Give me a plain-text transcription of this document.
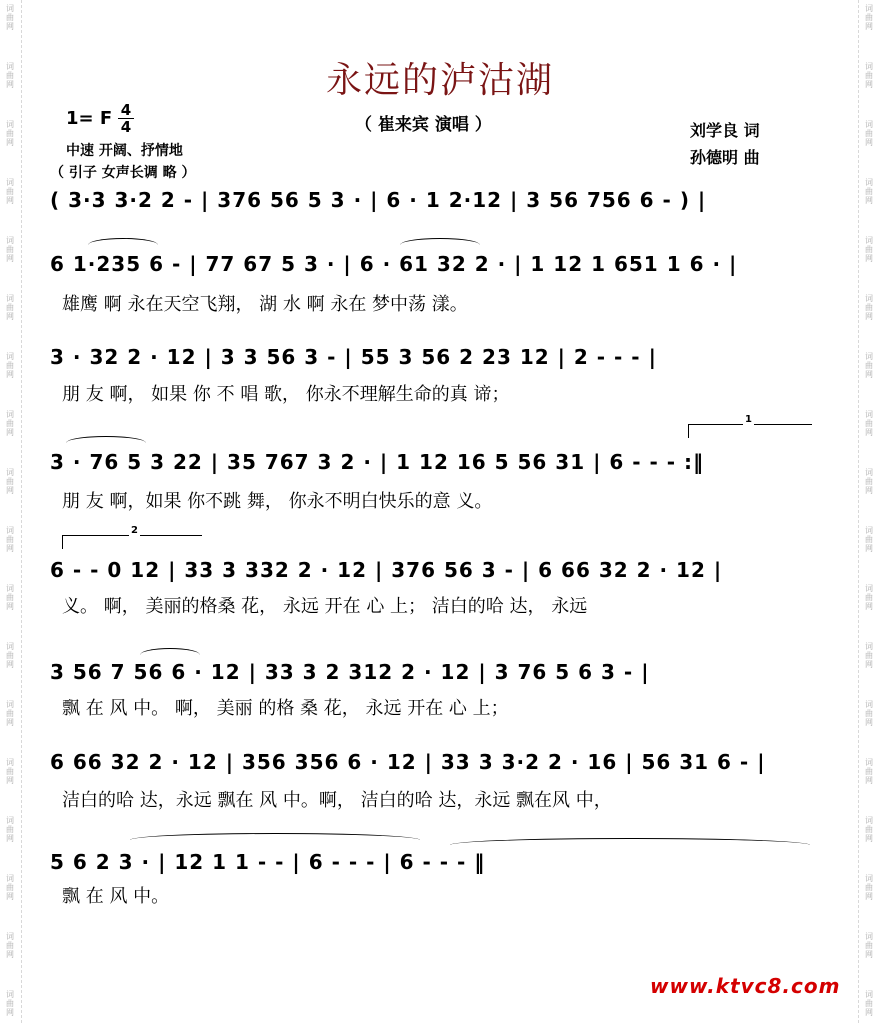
词
曲
网
词
曲
网
词
曲
网
词
曲
网
词
曲
网
词
曲
网
词
曲
网
词
曲
网
词
曲
网
词
曲
网
词
曲
网
词
曲
网
词
曲
网
词
曲
网
词
曲
网
词
曲
网
词
曲
网
词
曲
网
词
曲
网
词
曲
网
词
曲
网
词
曲
网
词
曲
网
词
曲
网
词
曲
网
词
曲
网
词
曲
网
词
曲
网
词
曲
网
词
曲
网
词
曲
网
词
曲
网
词
曲
网
词
曲
网
词
曲
网
词
曲
网
永远的泸沽湖
1= F 4
4
中速 开阔、抒情地
（ 引子 女声长调 略 ）
（ 崔来宾 演唱 ）	刘学良 词
孙德明 曲
( 3·3 3·2 2 - | 376 56 5 3 · | 6 · 1 2·12 | 3 56 756 6 - ) |
6 1·235 6 - | 77 67 5 3 · | 6 · 61 32 2 · | 1 12 1 651 1 6 · |
雄鹰 啊 永在天空飞翔， 湖 水 啊 永在 梦中荡 漾。
3 · 32 2 · 12 | 3 3 56 3 - | 55 3 56 2 23 12 | 2 - - - |
朋 友 啊， 如果 你 不 唱 歌， 你永不理解生命的真 谛；
1
3 · 76 5 3 22 | 35 767 3 2 · | 1 12 16 5 56 31 | 6 - - - :‖
朋 友 啊，如果 你不跳 舞， 你永不明白快乐的意 义。
2
6 - - 0 12 | 33 3 332 2 · 12 | 376 56 3 - | 6 66 32 2 · 12 |
义。 啊， 美丽的格桑 花， 永远 开在 心 上； 洁白的哈 达， 永远
3 56 7 56 6 · 12 | 33 3 2 312 2 · 12 | 3 76 5 6 3 - |
飘 在 风 中。 啊， 美丽 的格 桑 花， 永远 开在 心 上；
6 66 32 2 · 12 | 356 356 6 · 12 | 33 3 3·2 2 · 16 | 56 31 6 - |
洁白的哈 达，永远 飘在 风 中。啊， 洁白的哈 达，永远 飘在风 中，
5 6 2 3 · | 12 1 1 - - | 6 - - - | 6 - - - ‖
飘 在 风 中。
www.ktvc8.com
